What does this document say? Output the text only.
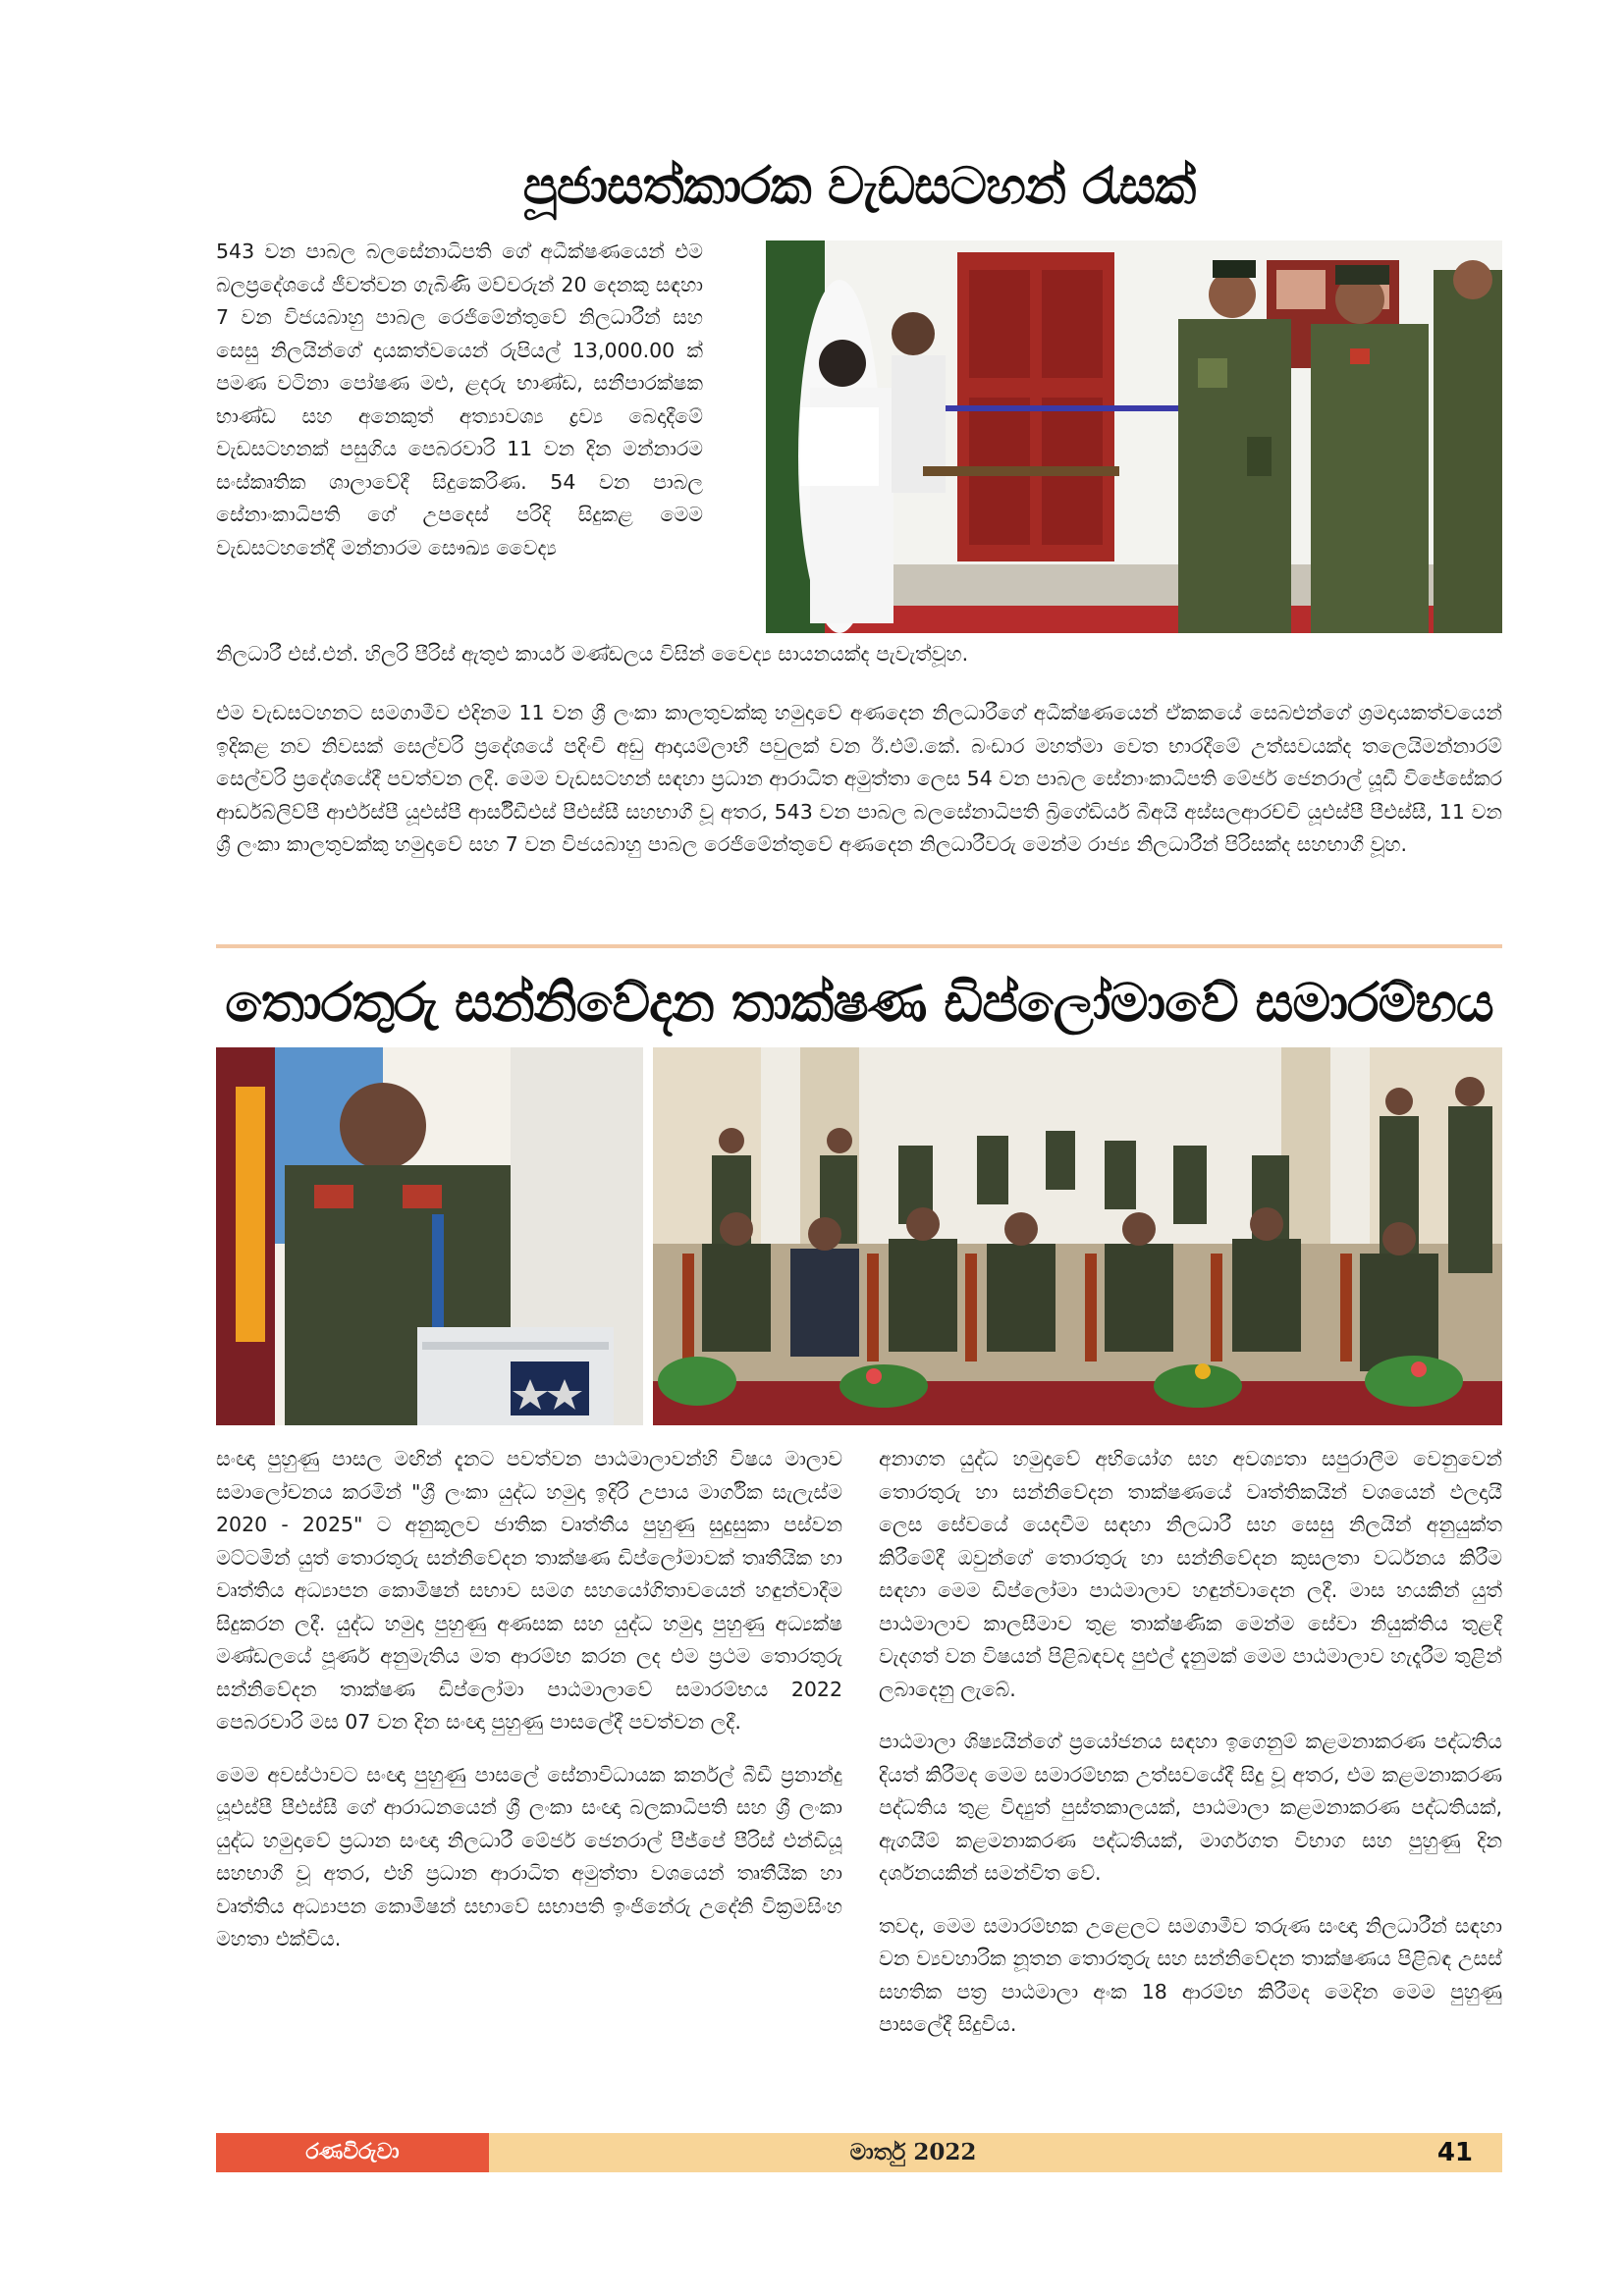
පූජාසත්කාරක වැඩසටහන් රැසක්

543 වන පාබල බලසේනාධිපති ගේ අධීක්ෂණයෙන් එම බලප්‍රදේශයේ ජීවත්වන ගැබිණි මව්වරුන් 20 දෙනකු සඳහා 7 වන විජයබාහු පාබල රෙජිමේන්තුවේ නිලධාරීන් සහ සෙසු නිලයින්ගේ දායකත්වයෙන් රුපියල් 13,000.00 ක් පමණ වටිනා පෝෂණ මළු, ළදරු භාණ්ඩ, සනීපාරක්ෂක භාණ්ඩ සහ අනෙකුත් අත්‍යාවශ්‍ය ද්‍රව්‍ය බෙදාදීමේ වැඩසටහනක් පසුගිය පෙබරවාරි 11 වන දින මන්නාරම සංස්කෘතික ශාලාවේදී සිදුකෙරිණ. 54 වන පාබල සේනාංකාධිපති ගේ උපදෙස් පරිදි සිදුකළ මෙම වැඩසටහනේදී මන්නාරම සෞඛ්‍ය වෛද්‍ය

නිලධාරී එස්.එන්. හිලරි පීරිස් ඇතුළු කාර්ය මණ්ඩලය විසින් වෛද්‍ය සායනයක්ද පැවැත්වූහ.

එම වැඩසටහනට සමගාමීව එදිනම 11 වන ශ්‍රී ලංකා කාලතුවක්කු හමුදාවේ අණදෙන නිලධාරීගේ අධීක්ෂණයෙන් ඒකකයේ සෙබළුන්ගේ ශ්‍රමදායකත්වයෙන් ඉදිකළ නව නිවසක් සෙල්වරි ප්‍රදේශයේ පදිංචි අඩු ආදායම්ලාභී පවුලක් වන ඊ.එම්.කේ. බංඩාර මහත්මා වෙත භාරදීමේ උත්සවයක්ද තලෙයිමන්නාරම් සෙල්වරි ප්‍රදේශයේදී පවත්වන ලදී. මෙම වැඩසටහන් සඳහා ප්‍රධාන ආරාධිත අමුත්තා ලෙස 54 වන පාබල සේනාංකාධිපති මේජර් ජෙනරාල් යූඩී විජේසේකර ආර්ඩබ්ලිව්පී ආර්එස්පී යූඑස්පී ආර්සීඩීඑස් පීඑස්සී සහභාගී වූ අතර, 543 වන පාබල බලසේනාධිපති බ්‍රිගේඩියර් බීඅයි අස්සලආරච්චි යූඑස්පී පීඑස්සී, 11 වන ශ්‍රී ලංකා කාලතුවක්කු හමුදාවේ සහ 7 වන විජයබාහු පාබල රෙජිමේන්තුවේ අණදෙන නිලධාරීවරු මෙන්ම රාජ්‍ය නිලධාරීන් පිරිසක්ද සහභාගී වූහ.

තොරතුරු සන්නිවේදන තාක්ෂණ ඩිප්ලෝමාවේ සමාරම්භය

සංඥා පුහුණු පාසල මඟින් දැනට පවත්වන පාඨමාලාවන්හි විෂය මාලාව සමාලෝචනය කරමින් "ශ්‍රී ලංකා යුද්ධ හමුදා ඉදිරි උපාය මාර්ගික සැලැස්ම 2020 - 2025" ට අනුකූලව ජාතික වෘත්තීය පුහුණු සුදුසුකා පස්වන මට්ටමින් යුත් තොරතුරු සන්නිවේදන තාක්ෂණ ඩිප්ලෝමාවක් තෘතීයික හා වෘත්තිය අධ්‍යාපන කොමිෂන් සභාව සමග සහයෝගිතාවයෙන් හඳුන්වාදීම සිදුකරන ලදී. යුද්ධ හමුදා පුහුණු අණසක සහ යුද්ධ හමුදා පුහුණු අධ්‍යක්ෂ මණ්ඩලයේ පූර්ණ අනුමැතිය මත ආරම්භ කරන ලද එම ප්‍රථම තොරතුරු සන්නිවේදන තාක්ෂණ ඩිප්ලෝමා පාඨමාලාවේ සමාරම්භය 2022 පෙබරවාරි මස 07 වන දින සංඥා පුහුණු පාසලේදී පවත්වන ලදී.

මෙම අවස්ථාවට සංඥා පුහුණු පාසලේ සේනාවිධායක කර්නල් බීඩී ප්‍රනාන්දු යූඑස්පී පීඑස්සී ගේ ආරාධනයෙන් ශ්‍රී ලංකා සංඥා බලකාධිපති සහ ශ්‍රී ලංකා යුද්ධ හමුදාවේ ප්‍රධාන සංඥා නිලධාරී මේජර් ජෙනරාල් පීජ්පේ පීරිස් එන්ඩියූ සහභාගී වූ අතර, එහි ප්‍රධාන ආරාධිත අමුත්තා වශයෙන් තෘතීයික හා වෘත්තිය අධ්‍යාපන කොමිෂන් සභාවේ සභාපති ඉංජිනේරු උදේනි වික්‍රමසිංහ මහතා එක්විය.

අනාගත යුද්ධ හමුදාවේ අභියෝග සහ අවශ්‍යතා සපුරාලීම වෙනුවෙන් තොරතුරු හා සන්නිවේදන තාක්ෂණයේ වෘත්තිකයින් වශයෙන් ඵලදායී ලෙස සේවයේ යෙදවීම සඳහා නිලධාරී සහ සෙසු නිලයින් අනුයුක්ත කිරීමේදී ඔවුන්ගේ තොරතුරු හා සන්නිවේදන කුසලතා වර්ධනය කිරීම සඳහා මෙම ඩිප්ලෝමා පාඨමාලාව හඳුන්වාදෙන ලදී. මාස හයකින් යුත් පාඨමාලාව කාලසීමාව තුළ තාක්ෂණික මෙන්ම සේවා නියුක්තිය තුළදී වැදගත් වන විෂයන් පිළිබඳවද පුළුල් දැනුමක් මෙම පාඨමාලාව හැදෑරීම තුළින් ලබාදෙනු ලැබේ.

පාඨමාලා ශිෂ්‍යයින්ගේ ප්‍රයෝජනය සඳහා ඉගෙනුම් කළමනාකරණ පද්ධතිය දියත් කිරීමද මෙම සමාරම්භක උත්සවයේදී සිදු වූ අතර, එම කළමනාකරණ පද්ධතිය තුළ විද්‍යුත් පුස්තකාලයක්, පාඨමාලා කළමනාකරණ පද්ධතියක්, ඇගයීම් කළමනාකරණ පද්ධතියක්, මාර්ගගත විභාග සහ පුහුණු දින දර්ශනයකින් සමන්විත වේ.

තවද, මෙම සමාරම්භක උළෙලට සමගාමීව තරුණ සංඥා නිලධාරීන් සඳහා වන ව්‍යවහාරික නූතන තොරතුරු සහ සන්නිවේදන තාක්ෂණය පිළිබඳ උසස් සහතික පත්‍ර පාඨමාලා අංක 18 ආරම්භ කිරීමද මෙදින මෙම පුහුණු පාසලේදී සිදුවිය.

රණවිරුවා	මාර්තු 2022	41
